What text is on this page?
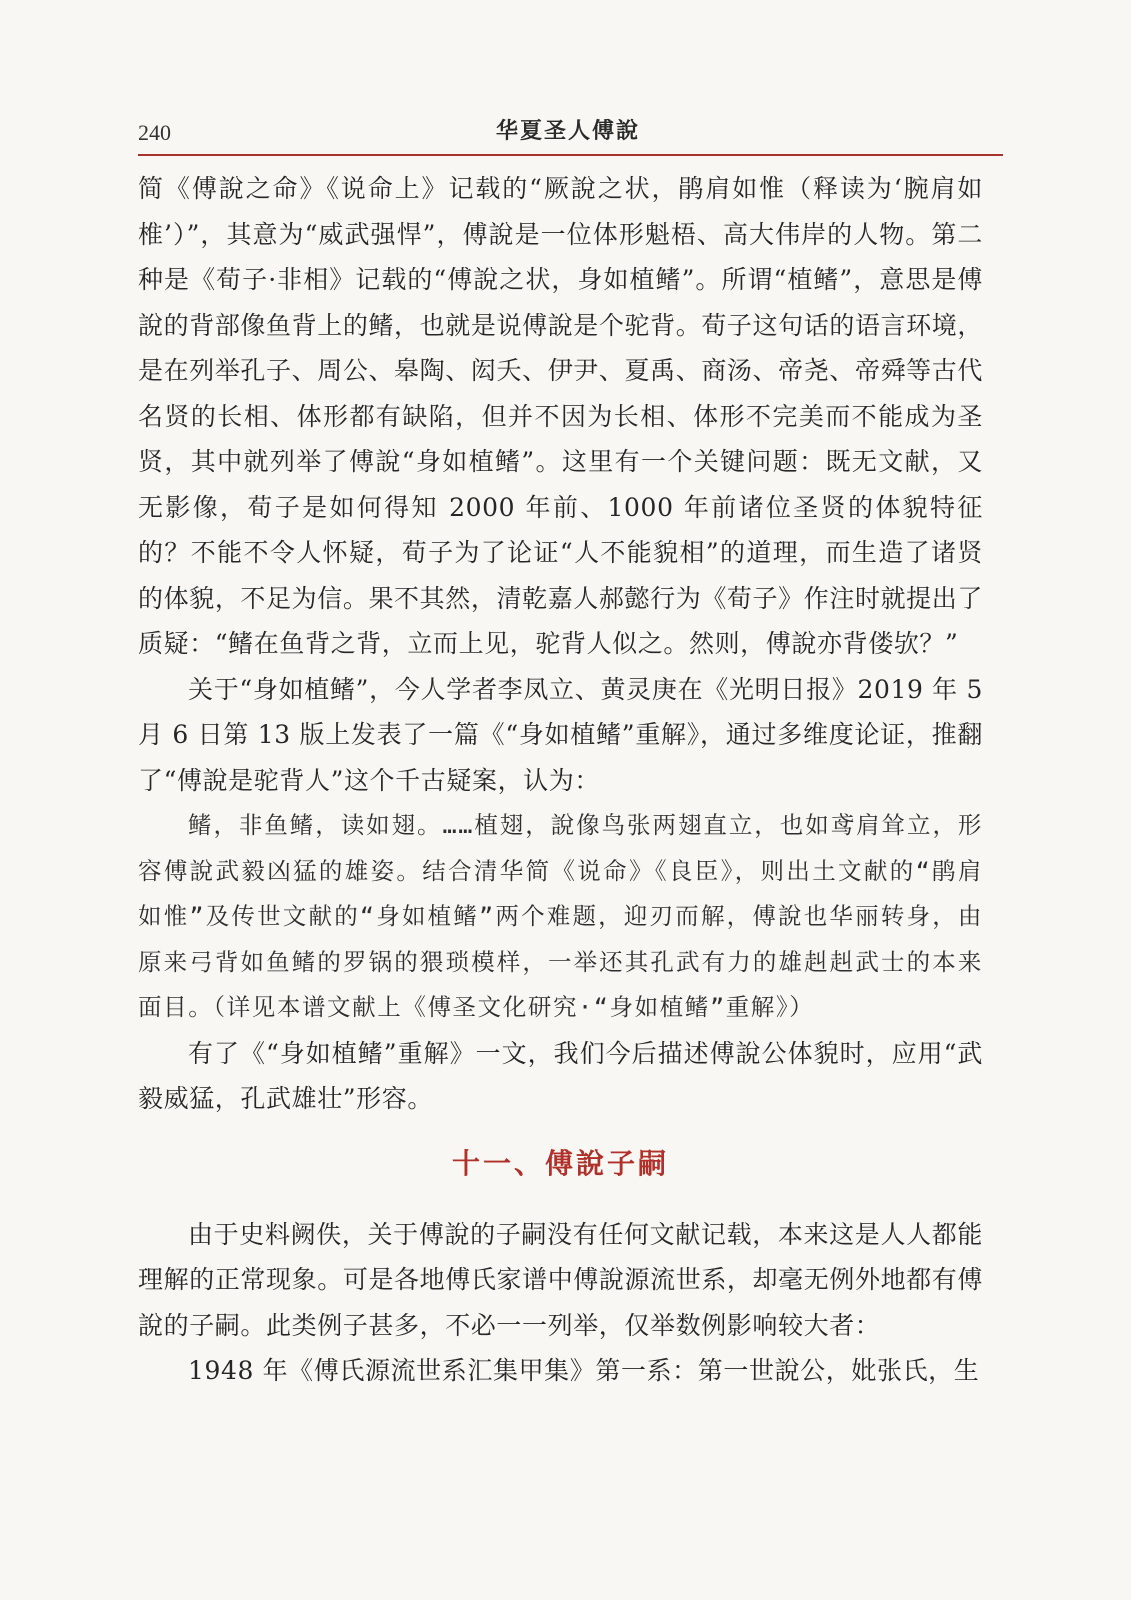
240	华夏圣人傅說

简《傅說之命》《说命上》记载的“厥說之状，鹃肩如惟（释读为‘腕肩如椎’）”，其意为“威武强悍”，傅說是一位体形魁梧、高大伟岸的人物。第二种是《荀子·非相》记载的“傅說之状，身如植鳍”。所谓“植鳍”，意思是傅說的背部像鱼背上的鳍，也就是说傅說是个驼背。荀子这句话的语言环境，是在列举孔子、周公、皋陶、闳夭、伊尹、夏禹、商汤、帝尧、帝舜等古代名贤的长相、体形都有缺陷，但并不因为长相、体形不完美而不能成为圣贤，其中就列举了傅說“身如植鳍”。这里有一个关键问题：既无文献，又无影像，荀子是如何得知 2000 年前、1000 年前诸位圣贤的体貌特征的？不能不令人怀疑，荀子为了论证“人不能貌相”的道理，而生造了诸贤的体貌，不足为信。果不其然，清乾嘉人郝懿行为《荀子》作注时就提出了质疑：“鳍在鱼背之背，立而上见，驼背人似之。然则，傅說亦背偻欤？”

关于“身如植鳍”，今人学者李凤立、黄灵庚在《光明日报》2019 年 5 月 6 日第 13 版上发表了一篇《“身如植鳍”重解》，通过多维度论证，推翻了“傅說是驼背人”这个千古疑案，认为：

鳍，非鱼鳍，读如翅。……植翅，說像鸟张两翅直立，也如鸢肩耸立，形容傅說武毅凶猛的雄姿。结合清华简《说命》《良臣》，则出土文献的“鹃肩如惟”及传世文献的“身如植鳍”两个难题，迎刃而解，傅說也华丽转身，由原来弓背如鱼鳍的罗锅的猥琐模样，一举还其孔武有力的雄赳赳武士的本来面目。（详见本谱文献上《傅圣文化研究·“身如植鳍”重解》）

有了《“身如植鳍”重解》一文，我们今后描述傅說公体貌时，应用“武毅威猛，孔武雄壮”形容。

十一、傅說子嗣

由于史料阙佚，关于傅說的子嗣没有任何文献记载，本来这是人人都能理解的正常现象。可是各地傅氏家谱中傅說源流世系，却毫无例外地都有傅說的子嗣。此类例子甚多，不必一一列举，仅举数例影响较大者：

1948 年《傅氏源流世系汇集甲集》第一系：第一世說公，妣张氏，生
